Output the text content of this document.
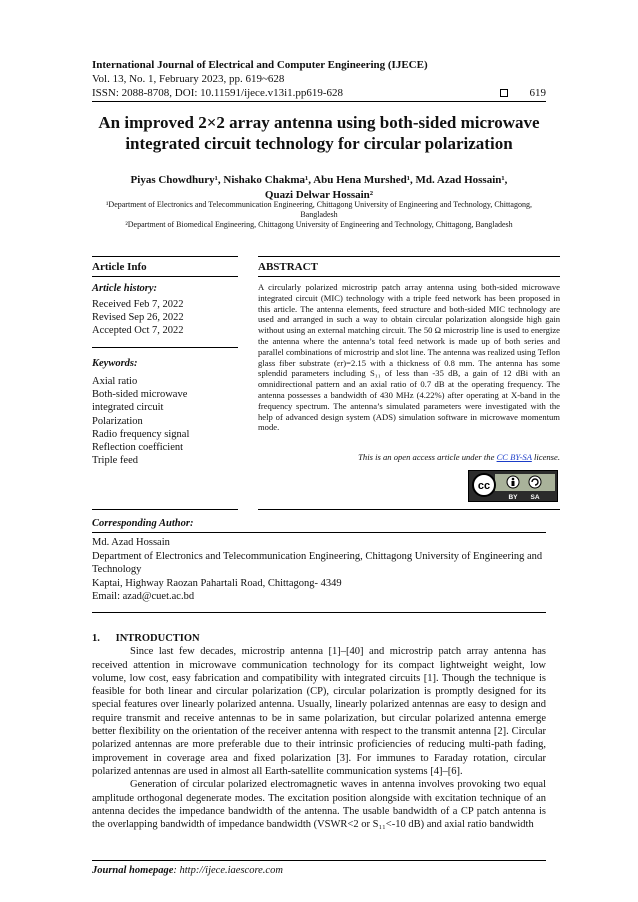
International Journal of Electrical and Computer Engineering (IJECE)
Vol. 13, No. 1, February 2023, pp. 619~628
ISSN: 2088-8708, DOI: 10.11591/ijece.v13i1.pp619-628	619
An improved 2×2 array antenna using both-sided microwave integrated circuit technology for circular polarization
Piyas Chowdhury¹, Nishako Chakma¹, Abu Hena Murshed¹, Md. Azad Hossain¹,
Quazi Delwar Hossain²
¹Department of Electronics and Telecommunication Engineering, Chittagong University of Engineering and Technology, Chittagong, Bangladesh
²Department of Biomedical Engineering, Chittagong University of Engineering and Technology, Chittagong, Bangladesh
Article Info
Article history:
Received Feb 7, 2022
Revised Sep 26, 2022
Accepted Oct 7, 2022
Keywords:
Axial ratio
Both-sided microwave
integrated circuit
Polarization
Radio frequency signal
Reflection coefficient
Triple feed
ABSTRACT
A circularly polarized microstrip patch array antenna using both-sided microwave integrated circuit (MIC) technology with a triple feed network has been proposed in this article. The antenna elements, feed structure and both-sided MIC technology are used and arranged in such a way to obtain circular polarization alongside high gain without using an external matching circuit. The 50 Ω microstrip line is used to energize the antenna where the antenna’s total feed network is made up of both series and parallel combinations of microstrip and slot line. The antenna was realized using Teflon glass fiber substrate (εr)=2.15 with a thickness of 0.8 mm. The antenna has some splendid parameters including S₁₁ of less than -35 dB, a gain of 12 dBi with an omnidirectional pattern and an axial ratio of 0.7 dB at the operating frequency. The antenna possesses a bandwidth of 430 MHz (4.22%) after operating at X-band in the frequency spectrum. The antenna’s simulated parameters were investigated with the help of advanced design system (ADS) simulation software in microwave momentum mode.
This is an open access article under the CC BY-SA license.
cc
BY SA
Corresponding Author:
Md. Azad Hossain
Department of Electronics and Telecommunication Engineering, Chittagong University of Engineering and Technology
Kaptai, Highway Raozan Pahartali Road, Chittagong- 4349
Email: azad@cuet.ac.bd
1.      INTRODUCTION

Since last few decades, microstrip antenna [1]–[40] and microstrip patch array antenna has received attention in microwave communication technology for its compact lightweight weight, low volume, low cost, easy fabrication and compatibility with integrated circuits [1]. Though the technique is feasible for both linear and circular polarization (CP), circular polarization is promptly designed for its special features over linearly polarized antenna. Usually, linearly polarized antennas are easy to design and require transmit and receive antennas to be in same polarization, but circular polarized antenna emerge better flexibility on the orientation of the receiver antenna with respect to the transmit antenna [2]. Circular polarized antennas are more preferable due to their intrinsic proficiencies of reducing multi-path fading, improvement in coverage area and fixed polarization [3]. For immunes to Faraday rotation, circular polarized antennas are used in almost all Earth-satellite communication systems [4]–[6].

Generation of circular polarized electromagnetic waves in antenna involves provoking two equal amplitude orthogonal degenerate modes. The excitation position alongside with excitation technique of an antenna decides the impedance bandwidth of the antenna. The usable bandwidth of a CP patch antenna is the overlapping bandwidth of impedance bandwidth (VSWR<2 or S₁₁<-10 dB) and axial ratio bandwidth

Journal homepage: http://ijece.iaescore.com
